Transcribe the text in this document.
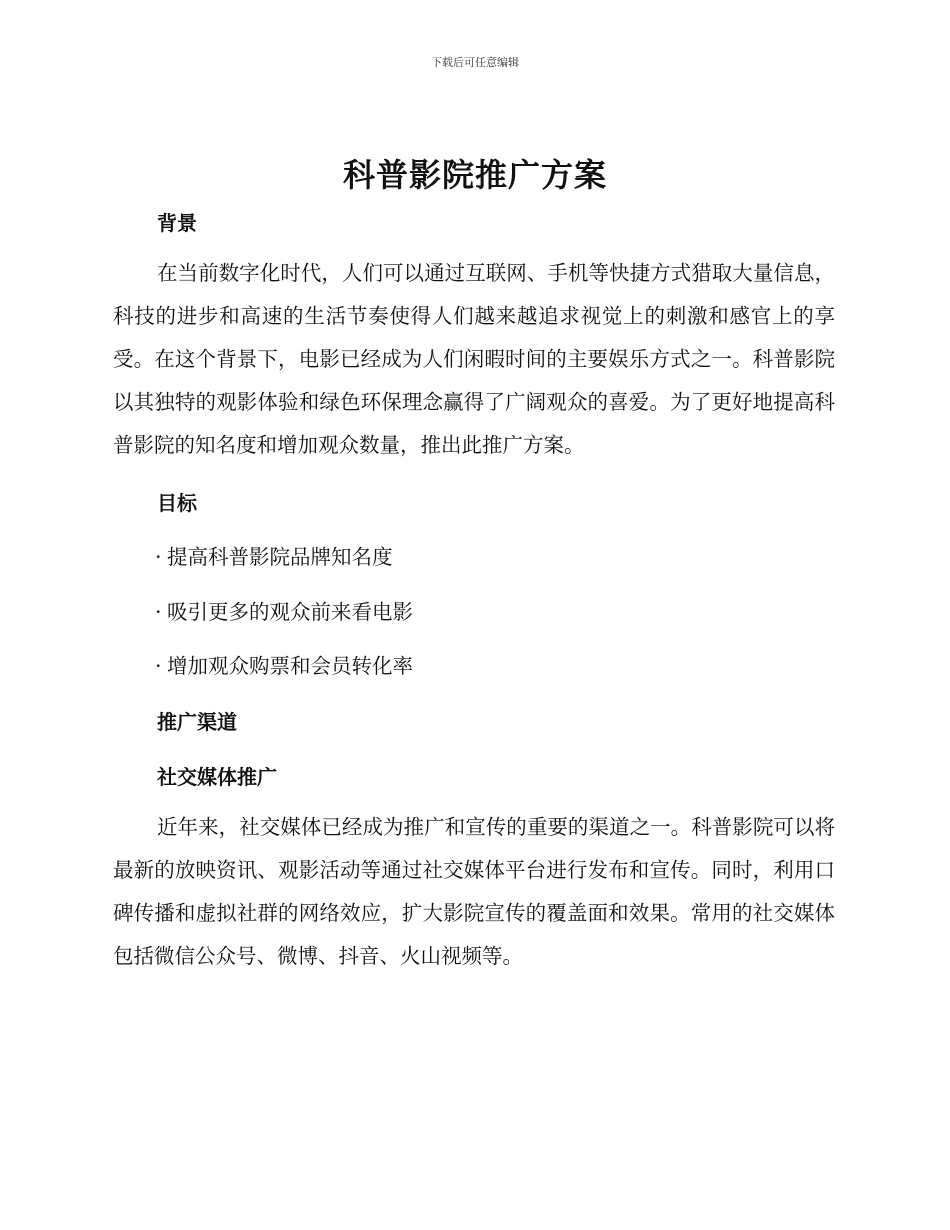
下载后可任意编辑
科普影院推广方案
背景

在当前数字化时代，人们可以通过互联网、手机等快捷方式猎取大量信息，科技的进步和高速的生活节奏使得人们越来越追求视觉上的刺激和感官上的享受。在这个背景下，电影已经成为人们闲暇时间的主要娱乐方式之一。科普影院以其独特的观影体验和绿色环保理念赢得了广阔观众的喜爱。为了更好地提高科普影院的知名度和增加观众数量，推出此推广方案。

目标

· 提高科普影院品牌知名度

· 吸引更多的观众前来看电影

· 增加观众购票和会员转化率

推广渠道
社交媒体推广

近年来，社交媒体已经成为推广和宣传的重要的渠道之一。科普影院可以将最新的放映资讯、观影活动等通过社交媒体平台进行发布和宣传。同时，利用口碑传播和虚拟社群的网络效应，扩大影院宣传的覆盖面和效果。常用的社交媒体包括微信公众号、微博、抖音、火山视频等。
